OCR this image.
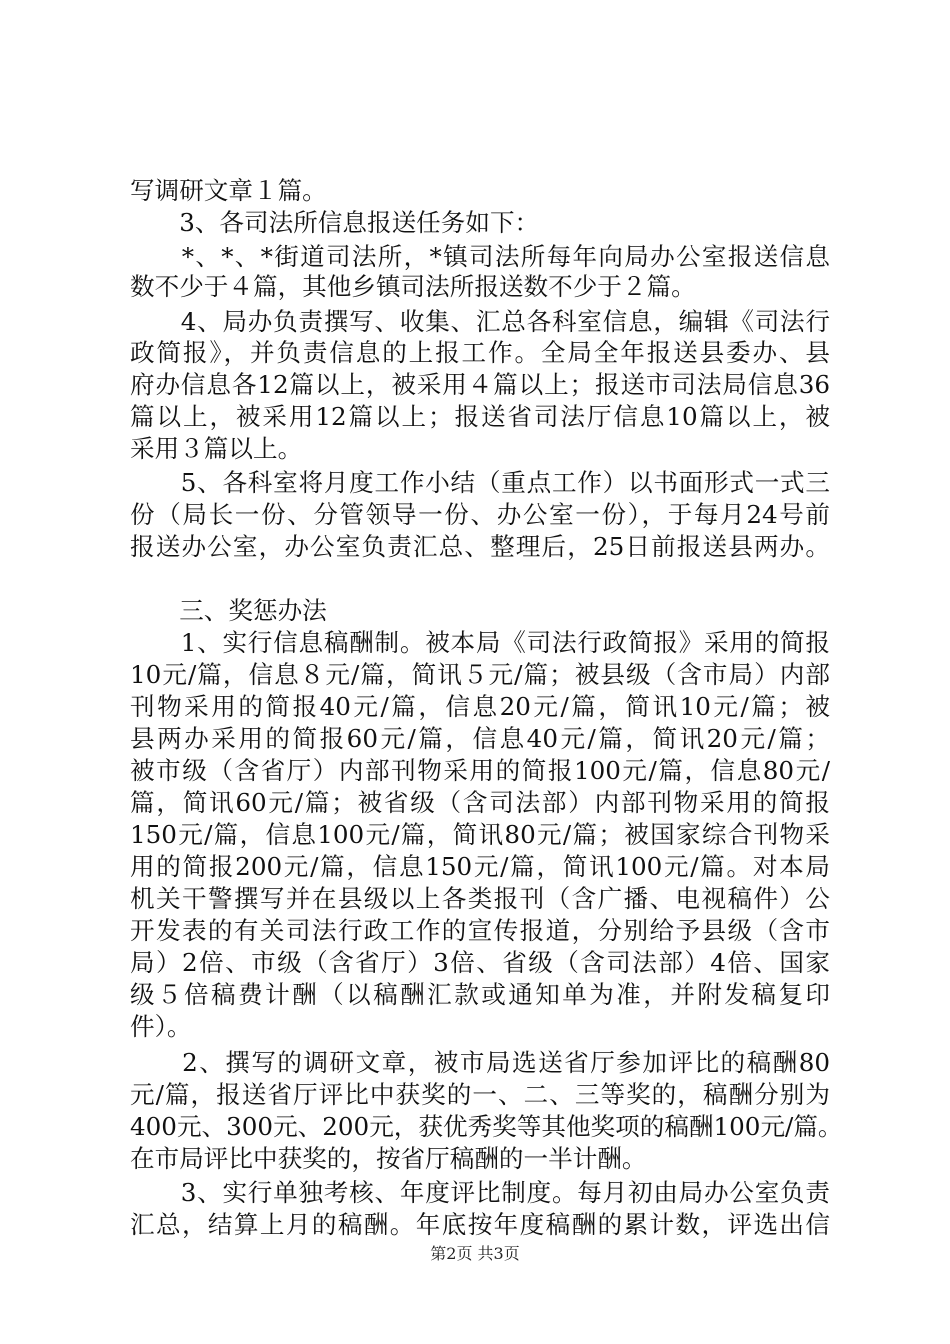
写调研文章１篇。
　　3、各司法所信息报送任务如下：
　　*、*、*街道司法所，*镇司法所每年向局办公室报送信息
数不少于４篇，其他乡镇司法所报送数不少于２篇。
　　4、局办负责撰写、收集、汇总各科室信息，编辑《司法行
政简报》，并负责信息的上报工作。全局全年报送县委办、县
府办信息各12篇以上，被采用４篇以上；报送市司法局信息36
篇以上，被采用12篇以上；报送省司法厅信息10篇以上，被
采用３篇以上。
　　5、各科室将月度工作小结（重点工作）以书面形式一式三
份（局长一份、分管领导一份、办公室一份），于每月24号前
报送办公室，办公室负责汇总、整理后，25日前报送县两办。
　　三、奖惩办法
　　1、实行信息稿酬制。被本局《司法行政简报》采用的简报
10元/篇，信息８元/篇，简讯５元/篇；被县级（含市局）内部
刊物采用的简报40元/篇，信息20元/篇，简讯10元/篇；被
县两办采用的简报60元/篇，信息40元/篇，简讯20元/篇；
被市级（含省厅）内部刊物采用的简报100元/篇，信息80元/
篇，简讯60元/篇；被省级（含司法部）内部刊物采用的简报
150元/篇，信息100元/篇，简讯80元/篇；被国家综合刊物采
用的简报200元/篇，信息150元/篇，简讯100元/篇。对本局
机关干警撰写并在县级以上各类报刊（含广播、电视稿件）公
开发表的有关司法行政工作的宣传报道，分别给予县级（含市
局）2倍、市级（含省厅）3倍、省级（含司法部）4倍、国家
级５倍稿费计酬（以稿酬汇款或通知单为准，并附发稿复印
件）。
　　2、撰写的调研文章，被市局选送省厅参加评比的稿酬80
元/篇，报送省厅评比中获奖的一、二、三等奖的，稿酬分别为
400元、300元、200元，获优秀奖等其他奖项的稿酬100元/篇。
在市局评比中获奖的，按省厅稿酬的一半计酬。
　　3、实行单独考核、年度评比制度。每月初由局办公室负责
汇总，结算上月的稿酬。年底按年度稿酬的累计数，评选出信
第2页 共3页
